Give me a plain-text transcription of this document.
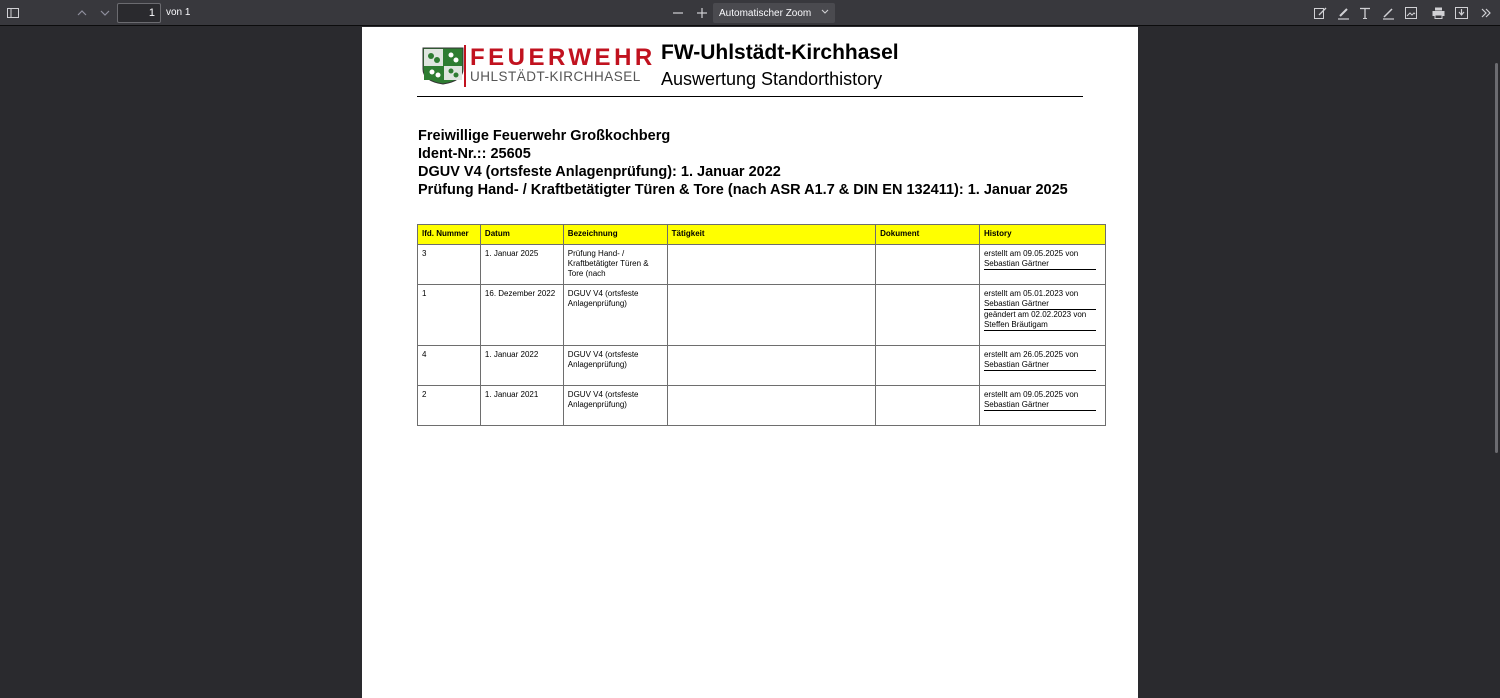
1
von 1	Automatischer Zoom
FEUERWEHR
UHLSTÄDT-KIRCHHASEL
FW-Uhlstädt-Kirchhasel
Auswertung Standorthistory
Freiwillige Feuerwehr Großkochberg
Ident-Nr.:: 25605
DGUV V4 (ortsfeste Anlagenprüfung): 1. Januar 2022
Prüfung Hand- / Kraftbetätigter Türen & Tore (nach ASR A1.7 & DIN EN 132411): 1. Januar 2025
lfd. Nummer	Datum	Bezeichnung	Tätigkeit	Dokument	History
3	1. Januar 2025	Prüfung Hand- / Kraftbetätigter Türen & Tore (nach			erstellt am 09.05.2025 von Sebastian Gärtner

1	16. Dezember 2022	DGUV V4 (ortsfeste Anlagenprüfung)			erstellt am 05.01.2023 von Sebastian Gärtner
geändert am 02.02.2023 von Steffen Bräutigam

4	1. Januar 2022	DGUV V4 (ortsfeste Anlagenprüfung)			erstellt am 26.05.2025 von Sebastian Gärtner

2	1. Januar 2021	DGUV V4 (ortsfeste Anlagenprüfung)			erstellt am 09.05.2025 von Sebastian Gärtner
